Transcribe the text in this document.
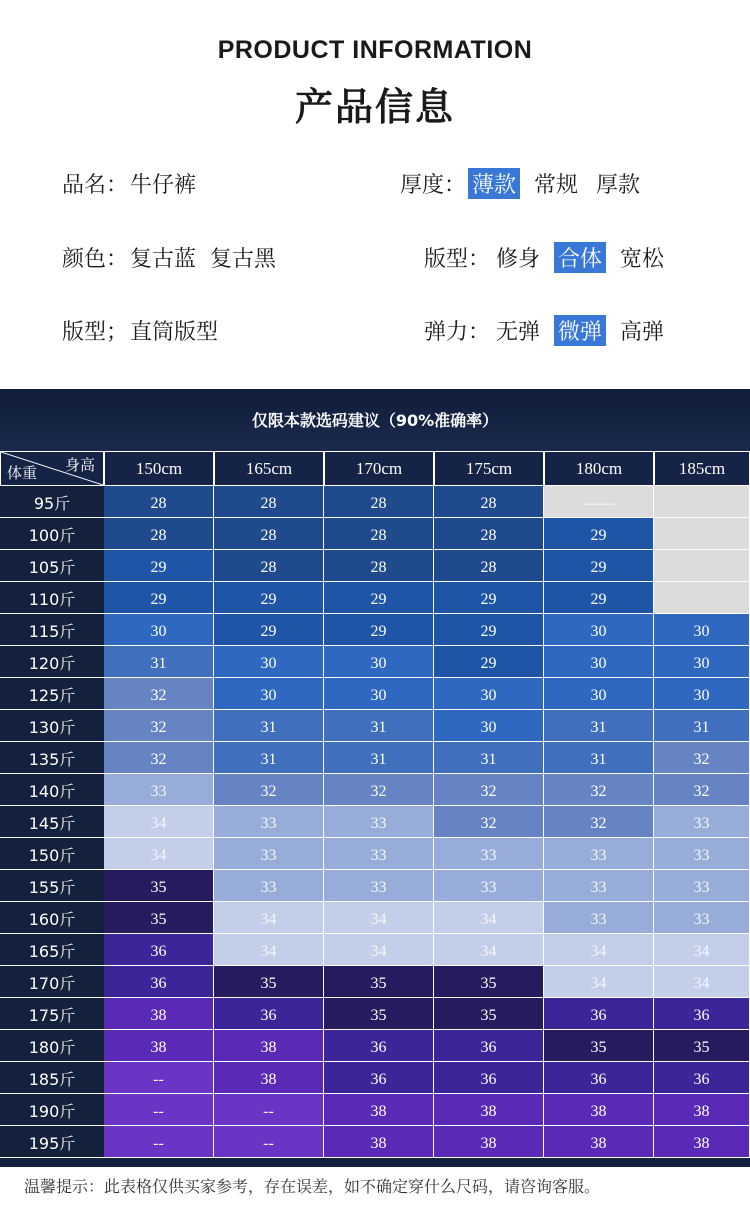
PRODUCT INFORMATION
产品信息
品名：牛仔裤
颜色：复古蓝  复古黑
版型；直筒版型
厚度： 薄款 常规 厚款
版型： 修身 合体 宽松
弹力： 无弹 微弹 高弹
仅限本款选码建议（90%准确率）
身高
体重	150cm	165cm	170cm	175cm	180cm	185cm
95斤	28	28	28	28	——
100斤	28	28	28	28	29
105斤	29	28	28	28	29
110斤	29	29	29	29	29
115斤	30	29	29	29	30	30
120斤	31	30	30	29	30	30
125斤	32	30	30	30	30	30
130斤	32	31	31	30	31	31
135斤	32	31	31	31	31	32
140斤	33	32	32	32	32	32
145斤	34	33	33	32	32	33
150斤	34	33	33	33	33	33
155斤	35	33	33	33	33	33
160斤	35	34	34	34	33	33
165斤	36	34	34	34	34	34
170斤	36	35	35	35	34	34
175斤	38	36	35	35	36	36
180斤	38	38	36	36	35	35
185斤	--	38	36	36	36	36
190斤	--	--	38	38	38	38
195斤	--	--	38	38	38	38
温馨提示：此表格仅供买家参考，存在误差，如不确定穿什么尺码，请咨询客服。
